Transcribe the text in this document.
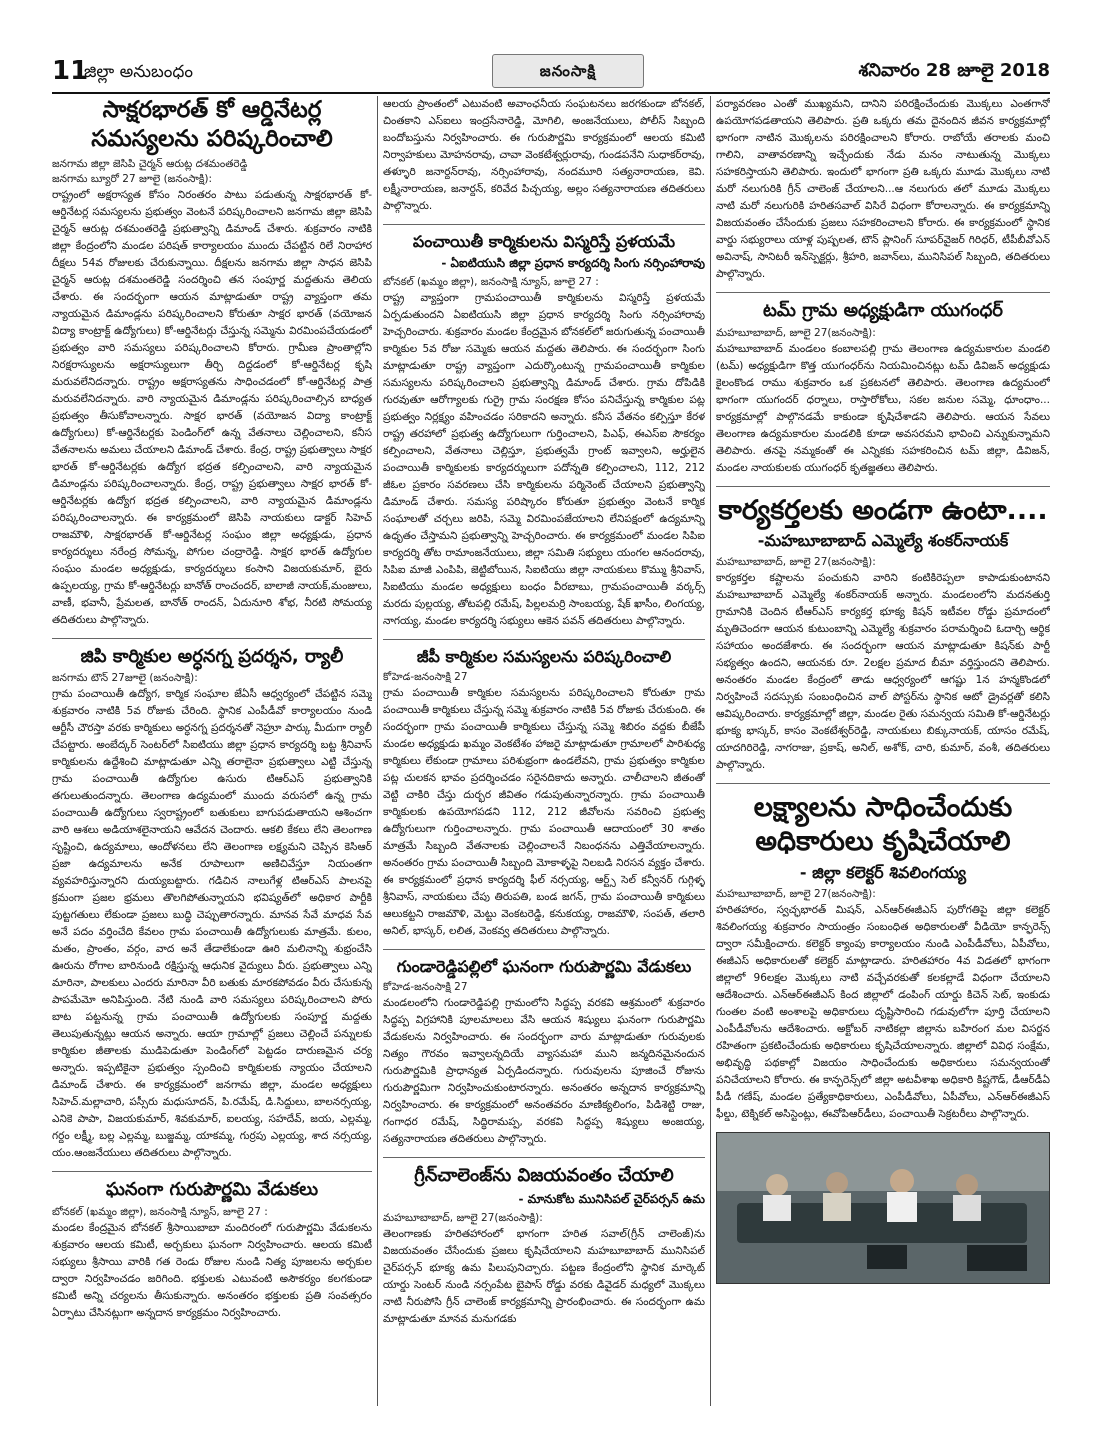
11
జిల్లా అనుబంధం	జనంసాక్షి	శనివారం 28 జూలై 2018
సాక్షరభారత్‌ కో ఆర్డినేటర్ల
సమస్యలను పరిష్కరించాలి

జనగామ జిల్లా జెసిపి చైర్మన్‌ ఆరుట్ల దశమంతరెడ్డి

జనగామ బ్యూరో 27 జూలై (జనంసాక్షి):

రాష్ట్రంలో అక్షరాస్యత కోసం నిరంతరం పాటు పడుతున్న సాక్షరభారత్‌ కో-ఆర్డినేటర్ల సమస్యలను ప్రభుత్వం వెంటనే పరిష్కరించాలని జనగామ జిల్లా జెసిపి చైర్మన్‌ ఆరుట్ల దశమంతరెడ్డి ప్రభుత్వాన్ని డిమాండ్‌ చేశారు. శుక్రవారం నాటికి జిల్లా కేంద్రంలోని మండల పరిషత్‌ కార్యాలయం ముందు చేపట్టిన రిలే నిరాహార దీక్షలు 54వ రోజులకు చేరుకున్నాయి. దీక్షలను జనగామ జిల్లా సాధన జెసిపి చైర్మన్‌ ఆరుట్ల దశమంతరెడ్డి సందర్శించి తన సంపూర్ణ మద్దతును తెలియ చేశారు. ఈ సందర్భంగా ఆయన మాట్లాడుతూ రాష్ట్ర వ్యాప్తంగా తమ న్యాయమైన డిమాండ్లను పరిష్కరించాలని కోరుతూ సాక్షర భారత్‌ (వయోజన విద్యా కాంట్రాక్ట్‌ ఉద్యోగులు) కో-ఆర్డినేటర్లు చేస్తున్న సమ్మెను విరమింపచేయడంలో ప్రభుత్వం వారి సమస్యలు పరిష్కరించాలని కోరారు. గ్రామీణ ప్రాంతాల్లోని నిరక్షరాస్యులను అక్షరాస్యులుగా తీర్చి దిద్దడంలో కో-ఆర్డినేటర్ల కృషి మరువలేనిదన్నారు. రాష్ట్రం అక్షరాస్యతను సాధించడంలో కో-ఆర్డినేటర్ల పాత్ర మరువలేనిదన్నారు. వారి న్యాయమైన డిమాండ్లను పరిష్కరించాల్సిన బాధ్యత ప్రభుత్వం తీసుకోవాలన్నారు. సాక్షర భారత్‌ (వయోజన విద్యా కాంట్రాక్ట్‌ ఉద్యోగులు) కో-ఆర్డినేటర్లకు పెండింగ్‌లో ఉన్న వేతనాలు చెల్లించాలని, కనీస వేతనాలను అమలు చేయాలని డిమాండ్‌ చేశారు. కేంద్ర, రాష్ట్ర ప్రభుత్వాలు సాక్షర భారత్‌ కో-ఆర్డినేటర్లకు ఉద్యోగ భద్రత కల్పించాలని, వారి న్యాయమైన డిమాండ్లను పరిష్కరించాలన్నారు. కేంద్ర, రాష్ట్ర ప్రభుత్వాలు సాక్షర భారత్‌ కో-ఆర్డినేటర్లకు ఉద్యోగ భద్రత కల్పించాలని, వారి న్యాయమైన డిమాండ్లను పరిష్కరించాలన్నారు. ఈ కార్యక్రమంలో జెసిపి నాయకులు డాక్టర్‌ సిహెచ్‌ రాజమౌళి, సాక్షరభారత్‌ కో-ఆర్డినేటర్ల సంఘం జిల్లా అధ్యక్షుడు, ప్రధాన కార్యదర్శులు నరేంద్ర సోమన్న, పోగుల చంద్రారెడ్డి. సాక్షర భారత్‌ ఉద్యోగుల సంఘం మండల అధ్యక్షుడు, కార్యదర్శులు కంసాని విజయకుమార్‌, బైరు ఉప్పలయ్య, గ్రామ కో-ఆర్డినేటర్లు బానోత్‌ రాంచందర్‌, బాలాజీ నాయక్‌,మంజులు, వాణీ, భవానీ, ప్రేమలత, బానోత్‌ రాందన్‌, ఏదునూరి శోభ, నీరటి సోమయ్య తదితరులు పాల్గొన్నారు.

జిపి కార్మికుల అర్ధనగ్న ప్రదర్శన, ర్యాలీ

జనగామ టౌన్‌ 27జూలై (జనంసాక్షి):

గ్రామ పంచాయితీ ఉద్యోగ, కార్మిక సంఘాల జేఏసీ ఆధ్వర్యంలో చేపట్టిన సమ్మె శుక్రవారం నాటికి 5వ రోజుకు చేరింది. స్థానిక ఎంపీడీవో కార్యాలయం నుండి ఆర్టీసీ చౌరస్తా వరకు కార్మికులు అర్ధనగ్న ప్రదర్శనతో నెహ్రూ పార్కు మీదుగా ర్యాలీ చేపట్టారు. అంబేద్కర్‌ సెంటర్‌లో సిఐటియు జిల్లా ప్రధాన కార్యదర్శి బట్ట శ్రీనివాస్‌ కార్మికులను ఉద్దేశించి మాట్లాడుతూ ఎన్ని తరాలైనా ప్రభుత్వాలు ఎట్టి చేస్తున్న గ్రామ పంచాయితీ ఉద్యోగుల ఉసురు టిఆర్‌ఎస్‌ ప్రభుత్వానికి తగులుతుందన్నారు. తెలంగాణ ఉద్యమంలో ముందు వరుసలో ఉన్న గ్రామ పంచాయితీ ఉద్యోగులు స్వరాష్ట్రంలో బతుకులు బాగుపడుతాయని ఆశించగా వారి ఆశలు అడియాశలైనాయని ఆవేదన చెందారు. ఆకలి కేకలు లేని తెలంగాణ సృష్టించి, ఉద్యమాలు, ఆందోళనలు లేని తెలంగాణ లక్ష్యమని చెప్పిన కెసిఆర్‌ ప్రజా ఉద్యమాలను అనేక రూపాలుగా అణిచివేస్తూ నియంతగా వ్యవహరిస్తున్నారని దుయ్యబట్టారు. గడిచిన నాలుగేళ్ల టిఆర్‌ఎస్‌ పాలనపై క్రమంగా ప్రజల భ్రమలు తొలగిపోతున్నాయని భవిష్యత్‌లో అధికార పార్టీకి పుట్టగతులు లేకుండా ప్రజలు బుద్ధి చెప్పుతారన్నారు. మానవ సేవే మాధవ సేవ అనే పదం వర్తించేది కేవలం గ్రామ పంచాయితీ ఉద్యోగులుకు మాత్రమే. కులం, మతం, ప్రాంతం, వర్గం, వాద అనే తేడాలేకుండా ఊరి మలినాన్ని శుభ్రంచేసి ఊరును రోగాల బారినుండి రక్షిస్తున్న ఆధునిక వైద్యులు వీరు. ప్రభుత్వాలు ఎన్ని మారినా, పాలకులు ఎందరు మారినా వీరి బతుకు మారకపోవడం వీరు చేసుకున్న పాపమేమో అనిపిస్తుంది. నేటి నుండి వారి సమస్యలు పరిష్కరించాలని పోరు బాట పట్టనున్న గ్రామ పంచాయితీ ఉద్యోగులకు సంపూర్ణ మద్దతు తెలుపుతున్నట్లు ఆయన అన్నారు. ఆయా గ్రామాల్లో ప్రజలు చెల్లించే పన్నులకు కార్మికుల జీతాలకు ముడిపెడుతూ పెండింగ్‌లో పెట్టడం దారుణమైన చర్య అన్నారు. ఇప్పటికైనా ప్రభుత్వం స్పందించి కార్మికులకు న్యాయం చేయాలని డిమాండ్‌ చేశారు. ఈ కార్యక్రమంలో జనగామ జిల్లా, మండల అధ్యక్షులు సిహెచ్‌.మల్లాచారి, పస్సీరు మధుసూదన్‌, పి.రమేష్‌, డి.సిద్దులు, బాలనర్సయ్య, ఎనికె పాపా, విజయకుమార్‌, శివకుమార్‌, ఐలయ్య, సహదేవ్‌, జయ, ఎల్లమ్మ, గర్దం లక్ష్మీ, బల్ల ఎల్లమ్మ, బుజ్జమ్మ, యాకమ్మ, గుర్రపు ఎల్లయ్య, శాద నర్సయ్య, యం.ఆంజనేయులు తదితరులు పాల్గొన్నారు.

ఘనంగా గురుపౌర్ణమి వేడుకలు

బోనకల్‌ (ఖమ్మం జిల్లా), జనంసాక్షి న్యూస్‌, జూలై 27 :

మండల కేంద్రమైన బోనకల్‌ శ్రీసాయిబాబా మందిరంలో గురుపౌర్ణమి వేడుకలను శుక్రవారం ఆలయ కమిటీ, అర్చకులు ఘనంగా నిర్వహించారు. ఆలయ కమిటీ సభ్యులు శ్రీసాయి వారికి గత రెండు రోజుల నుండి నిత్య పూజలను అర్చకుల ద్వారా నిర్వహించడం జరిగింది. భక్తులకు ఎటువంటి అసౌకర్యం కలగకుండా కమిటీ అన్ని చర్యలను తీసుకున్నారు. అనంతరం భక్తులకు ప్రతి సంవత్సరం ఏర్పాటు చేసినట్లుగా అన్నదాన కార్యక్రమం నిర్వహించారు.

ఆలయ ప్రాంతంలో ఎటువంటి అవాంఛనీయ సంఘటనలు జరగకుండా బోనకల్‌, చింతకాని ఎస్‌ఐలు ఇంద్రసేనారెడ్డి, మోగిలి, అంజనేయులు, పోలీస్‌ సిబ్బంది బందోబస్తును నిర్వహించారు. ఈ గురుపౌర్ణమి కార్యక్రమంలో ఆలయ కమిటి నిర్వాహకులు మోహనరావు, చావా వెంకటేశ్వర్లురావు, గుండపనేని సుధాకర్‌రావు, తళ్ళూరి జనార్దన్‌రావు, నర్సింహారావు, నందమూరి సత్యనారాయణ, కెవి. లక్ష్మీనారాయణ, జనార్దన్‌, కరివేద పిచ్చయ్య, అల్లం సత్యనారాయణ తదితరులు పాల్గొన్నారు.

పంచాయితీ కార్మికులను విస్మరిస్తే ప్రళయమే

- ఏఐటియుసి జిల్లా ప్రధాన కార్యదర్శి సింగు నర్సింహారావు

బోనకల్‌ (ఖమ్మం జిల్లా), జనంసాక్షి న్యూస్‌, జూలై 27 :

రాష్ట్ర వ్యాప్తంగా గ్రామపంచాయితీ కార్మికులను విస్మరిస్తే ప్రళయమే ఏర్పడుతుందని ఏఐటియుసి జిల్లా ప్రధాన కార్యదర్శి సింగు నర్సింహారావు హెచ్చరించారు. శుక్రవారం మండల కేంద్రమైన బోనకల్‌లో జరుగుతున్న పంచాయితీ కార్మికుల 5వ రోజు సమ్మెకు ఆయన మద్దతు తెలిపారు. ఈ సందర్భంగా సింగు మాట్లాడుతూ రాష్ట్ర వ్యాప్తంగా ఎదుర్కొంటున్న గ్రామపంచాయితీ కార్మికుల సమస్యలను పరిష్కరించాలని ప్రభుత్వాన్ని డిమాండ్‌ చేశారు. గ్రామ దోపిడికి గురవుతూ ఆరోగ్యాలకు గుర్రై గ్రామ సంరక్షణ కోసం పనిచేస్తున్న కార్మికుల పట్ల ప్రభుత్వం నిర్లక్ష్యం వహించడం సరికాదని అన్నారు. కనీస వేతనం కల్పిస్తూ కేరళ రాష్ట్ర తరహాలో ప్రభుత్వ ఉద్యోగులుగా గుర్తించాలని, పిఎఫ్‌, ఈఎస్‌ఐ సౌకర్యం కల్పించాలని, వేతనాలు చెల్లిస్తూ, ప్రభుత్వమే గ్రాంట్‌ ఇవ్వాలని, అర్హులైన పంచాయితీ కార్మికులకు కార్యదర్శులుగా పదోన్నతి కల్పించాలని, 112, 212 జీఓల ప్రకారం సవరణలు చేసి కార్మికులను పర్మినెంట్‌ చేయాలని ప్రభుత్వాన్ని డిమాండ్‌ చేశారు. సమస్య పరిష్కారం కోరుతూ ప్రభుత్వం వెంటనే కార్మిక సంఘాలతో చర్చలు జరిపి, సమ్మె విరమింపజేయాలని లేనిపక్షంలో ఉద్యమాన్ని ఉధృతం చేస్తామని ప్రభుత్వాన్ని హెచ్చరించారు. ఈ కార్యక్రమంలో మండల సిపిఐ కార్యదర్శి తోట రామాంజనేయులు, జిల్లా సమితి సభ్యులు యంగల ఆనందరావు, సిపిఐ మాజీ ఎంపిపి, జెట్టిబోయిన, సిఐటియు జిల్లా నాయకులు కొమ్ము శ్రీనివాస్‌, సిఐటియు మండల అధ్యక్షులు బంధం వీరబాబు, గ్రామపంచాయితీ వర్కర్స్‌ మరదు పుల్లయ్య, తోటపల్లి రమేష్‌, పిల్లలమర్రి సాంబయ్య, షేక్‌ ఖాసీం, లింగయ్య, నాగయ్య, మండల కార్యదర్శి సభ్యులు ఆకెన పవన్‌ తదితరులు పాల్గొన్నారు.

జీపీ కార్మికుల సమస్యలను పరిష్కరించాలి

కోహెడ-జనంసాక్షి 27

గ్రామ పంచాయితీ కార్మికుల సమస్యలను పరిష్కరించాలని కోరుతూ గ్రామ పంచాయితీ కార్మికులు చేస్తున్న సమ్మె శుక్రవారం నాటికి 5వ రోజుకు చేరుకుంది. ఈ సందర్భంగా గ్రామ పంచాయితీ కార్మికులు చేస్తున్న సమ్మె శిబిరం వద్దకు బీజేపీ మండల అధ్యక్షుడు ఖమ్మం వెంకటేశం హాజరై మాట్లాడుతూ గ్రామాలలో పారిశుధ్య కార్మికులు లేకుండా గ్రామాలు పరిశుభ్రంగా ఉండలేవని, గ్రామ ప్రభుత్వం కార్మికుల పట్ల చులకన భావం ప్రదర్శించడం సరైనదికాదు అన్నారు. చాలీచాలని జీతంతో వెట్టి చాకిరి చేస్తు దుర్భర జీవితం గడుపుతున్నారన్నారు. గ్రామ పంచాయితీ కార్మికులకు ఉపయోగపడని 112, 212 జీవోలను సవరించి ప్రభుత్వ ఉద్యోగులుగా గుర్తించాలన్నారు. గ్రామ పంచాయితీ ఆదాయంలో 30 శాతం మాత్రమే సిబ్బంది వేతనాలకు చెల్లించాలనే నిబంధనను ఎత్తివేయాలన్నారు. అనంతరం గ్రామ పంచాయితీ సిబ్బంది మోకాళ్ళపై నిలబడి నిరసన వ్యక్తం చేశారు. ఈ కార్యక్రమంలో ప్రధాన కార్యదర్శి ఫీల్‌ నర్సయ్య, ఆర్ట్స్‌ సెల్‌ కన్వీనర్‌ గుగ్గిళ్ళ శ్రీనివాస్‌, నాయకులు చేపు తిరుపతి, బండ జగన్‌, గ్రామ పంచాయితీ కార్మికులు ఆలుకట్టని రాజమౌళి, మెట్టు వెంకటరెడ్డి, కనుకయ్య, రాజమౌళి, సంపత్‌, తలారి అనిల్‌, భాస్కర్‌, లలిత, వెంకవ్వ తదితరులు పాల్గొన్నారు.

గుండారెడ్డిపల్లిలో ఘనంగా గురుపౌర్ణమి వేడుకలు

కోహెడ-జనంసాక్షి 27

మండలంలోని గుండారెడ్డిపల్లి గ్రామంలోని సిద్ధప్ప వరకవి ఆశ్రమంలో శుక్రవారం సిద్ధప్ప విగ్రహానికి పూలమాలలు వేసి ఆయన శిష్యులు ఘనంగా గురుపౌర్ణమి వేడుకలను నిర్వహించారు. ఈ సందర్భంగా వారు మాట్లాడుతూ గురువులకు నిత్యం గౌరవం ఇవ్వాలన్నదియే వ్యాసమహా ముని జన్మదినమైనందున గురుపౌర్ణమికి ప్రాధాన్యత ఏర్పడిందన్నారు. గురువులను పూజించే రోజును గురుపౌర్ణమిగా నిర్వహించుకుంటారన్నారు. అనంతరం అన్నదాన కార్యక్రమాన్ని నిర్వహించారు. ఈ కార్యక్రమంలో అనంతవరం మాణిక్యలింగం, పిడిశెట్టి రాజు, గంగాధర రమేష్‌, సిద్ధిరామప్ప, వరకవి సిద్ధప్ప శిష్యులు అంజయ్య, సత్యనారాయణ తదితరులు పాల్గొన్నారు.

గ్రీన్‌చాలెంజ్‌ను విజయవంతం చేయాలి

- మానుకోట మునిసిపల్‌ చైర్‌పర్సన్‌ ఉమ

మహబూబాబాద్‌, జూలై 27(జనంసాక్షి):

తెలంగాణకు హరితహారంలో భాగంగా హరిత సవాల్‌(గ్రీన్‌ చాలెంజ్‌)ను విజయవంతం చేసేందుకు ప్రజలు కృషిచేయాలని మహబూబాబాద్‌ మునిసిపల్‌ చైర్‌పర్సన్‌ భూక్య ఉమ పిలుపునిచ్చారు. పట్టణ కేంద్రంలోని స్థానిక మార్కెట్‌ యార్డు సెంటర్‌ నుండి నర్సంపేట బైపాస్‌ రోడ్డు వరకు డివైడర్‌ మధ్యలో మొక్కలు నాటి నీరుపోసి గ్రీన్‌ చాలెంజ్‌ కార్యక్రమాన్ని ప్రారంభించారు. ఈ సందర్భంగా ఉమ మాట్లాడుతూ మానవ మనుగడకు

పర్యావరణం ఎంతో ముఖ్యమని, దానిని పరిరక్షించేందుకు మొక్కలు ఎంతగానో ఉపయోగపడతాయని తెలిపారు. ప్రతి ఒక్కరు తమ దైనందిన జీవన కార్యక్రమాల్లో భాగంగా నాటిన మొక్కలను పరిరక్షించాలని కోరారు. రాబోయే తరాలకు మంచి గాలిని, వాతావరణాన్ని ఇచ్చేందుకు నేడు మనం నాటుతున్న మొక్కలు సహకరిస్తాయని తెలిపారు. ఇందులో భాగంగా ప్రతి ఒక్కరు మూడు మొక్కలు నాటి మరో నలుగురికి గ్రీన్‌ చాలెంజ్‌ చేయాలని...ఆ నలుగురు తలో మూడు మొక్కలు నాటి మరో నలుగురికి హరితసవాల్‌ విసిరే విధంగా కోరాలన్నారు. ఈ కార్యక్రమాన్ని విజయవంతం చేసేందుకు ప్రజలు సహకరించాలని కోరారు. ఈ కార్యక్రమంలో స్థానిక వార్డు సభ్యురాలు యాళ్ల పుష్పలత, టౌన్‌ ప్లానింగ్‌ సూపర్‌వైజర్‌ గిరిధర్‌, టీపీబీవోఎన్‌ అవినాష్‌, సానిటరీ ఇన్‌స్పెక్టర్లు, శ్రీహరి, జవాన్‌లు, మునిసిపల్‌ సిబ్బంది, తదితరులు పాల్గొన్నారు.

టమ్‌ గ్రామ అధ్యక్షుడిగా యుగంధర్‌

మహబూబాబాద్‌, జూలై 27(జనంసాక్షి):

మహబూబాబాద్‌ మండలం కంబాలపల్లి గ్రామ తెలంగాణ ఉద్యమకారుల మండలి (టమ్‌) అధ్యక్షుడిగా కొత్త యుగంధర్‌ను నియమించినట్లు టమ్‌ డివిజన్‌ అధ్యక్షుడు కైలంకొండ రాము శుక్రవారం ఒక ప్రకటనలో తెలిపారు. తెలంగాణ ఉద్యమంలో భాగంగా యుగందర్‌ ధర్నాలు, రాస్తారోకోలు, సకల జనుల సమ్మె, ధూంధాం... కార్యక్రమాల్లో పాల్గొనడమే కాకుండా కృషిచేశాడని తెలిపారు. ఆయన సేవలు తెలంగాణ ఉద్యమకారుల మండలికి కూడా అవసరమని భావించి ఎన్నుకున్నామని తెలిపారు. తనపై నమ్మకంతో ఈ ఎన్నికకు సహకరించిన టమ్‌ జిల్లా, డివిజన్‌, మండల నాయకులకు యుగంధర్‌ కృతజ్ఞతలు తెలిపారు.

కార్యకర్తలకు అండగా ఉంటా....

-మహబూబాబాద్‌ ఎమ్మెల్యే శంకర్‌నాయక్‌

మహబూబాబాద్‌, జూలై 27(జనంసాక్షి):

కార్యకర్తల కష్టాలను పంచుకుని వారిని కంటికిరెప్పలా కాపాడుకుంటానని మహబూబాబాద్‌ ఎమ్మెల్యే శంకర్‌నాయక్‌ అన్నారు. మండలంలోని మదనతుర్తి గ్రామానికి చెందిన టీఆర్‌ఎస్‌ కార్యకర్త భూక్య కిషన్‌ ఇటీవల రోడ్డు ప్రమాదంలో మృతిచెందగా ఆయన కుటుంబాన్ని ఎమ్మెల్యే శుక్రవారం పరామర్శించి ఓదార్చి ఆర్థిక సహాయం అందజేశారు. ఈ సందర్భంగా ఆయన మాట్లాడుతూ కిషన్‌కు పార్టీ సభ్యత్వం ఉందని, ఆయనకు రూ. 2లక్షల ప్రమాద బీమా వర్తిస్తుందని తెలిపారు. అనంతరం మండల కేంద్రంలో తాడు ఆధ్వర్యంలో ఆగష్టు 1న హన్మకొండలో నిర్వహించే సదస్సుకు సంబంధించిన వాల్‌ పోస్టర్‌ను స్థానిక ఆటో డ్రైవర్లతో కలిసి ఆవిష్కరించారు. కార్యక్రమాల్లో జిల్లా, మండల రైతు సమన్వయ సమితి కో-ఆర్డినేటర్లు భూక్య భాస్కర్‌, కాసం వెంకటేశ్వర్‌రెడ్డి, నాయకులు బిక్కునాయక్‌, యాసం రమేష్‌, యాదగిరిరెడ్డి, నాగరాజు, ప్రకాష్‌, అనిల్‌, అశోక్‌, చారి, కుమార్‌, వంశీ, తదితరులు పాల్గొన్నారు.

లక్ష్యాలను సాధించేందుకు
అధికారులు కృషిచేయాలి

- జిల్లా కలెక్టర్‌ శివలింగయ్య

మహబూబాబాద్‌, జూలై 27(జనంసాక్షి):

హరితహారం, స్వచ్ఛభారత్‌ మిషన్‌, ఎన్‌ఆర్‌ఈజీఎస్‌ పురోగతిపై జిల్లా కలెక్టర్‌ శివలింగయ్య శుక్రవారం సాయంత్రం సంబంధిత అధికారులతో వీడియో కాన్ఫరెన్స్‌ ద్వారా సమీక్షించారు. కలెక్టర్‌ క్యాంపు కార్యాలయం నుండి ఎంపీడీవోలు, ఏపీవోలు, ఈజీఎస్‌ అధికారులతో కలెక్టర్‌ మాట్లాడారు. హరితహారం 4వ విడతలో భాగంగా జిల్లాలో 96లక్షల మొక్కలు నాటి వచ్చేవరకుతో కలకల్లాడే విధంగా చేయాలని ఆదేశించారు. ఎన్‌ఆర్‌ఈజీఎస్‌ కింద జిల్లాలో డంపింగ్‌ యార్డు కిచెన్‌ సెట్‌, ఇంకుడు గుంతల వంటి అంశాలపై అధికారులు దృష్టిసారించి గడువులోగా పూర్తి చేయాలని ఎంపీడీవోలను ఆదేశించారు. అక్టోబర్‌ నాటికల్లా జిల్లాను బహిరంగ మల విసర్జన రహితంగా ప్రకటించేందుకు అధికారులు కృషిచేయాలన్నారు. జిల్లాలో వివిధ సంక్షేమ, అభివృద్ధి పథకాల్లో విజయం సాధించేందుకు అధికారులు సమన్వయంతో పనిచేయాలని కోరారు. ఈ కాన్ఫరెన్స్‌లో జిల్లా అటవీశాఖ అధికారి కిష్టగౌడ్‌, డీఆర్‌డీఏ పీడీ గణేష్‌, మండల ప్రత్యేకాధికారులు, ఎంపీడీవోలు, ఏపీవోలు, ఎన్‌ఆర్‌ఈజీఎస్‌ ఫీల్డు, టెక్నికల్‌ అసిస్టెంట్లు, ఈవోపిఆర్‌డీలు, పంచాయితీ సెక్రటరీలు పాల్గొన్నారు.
